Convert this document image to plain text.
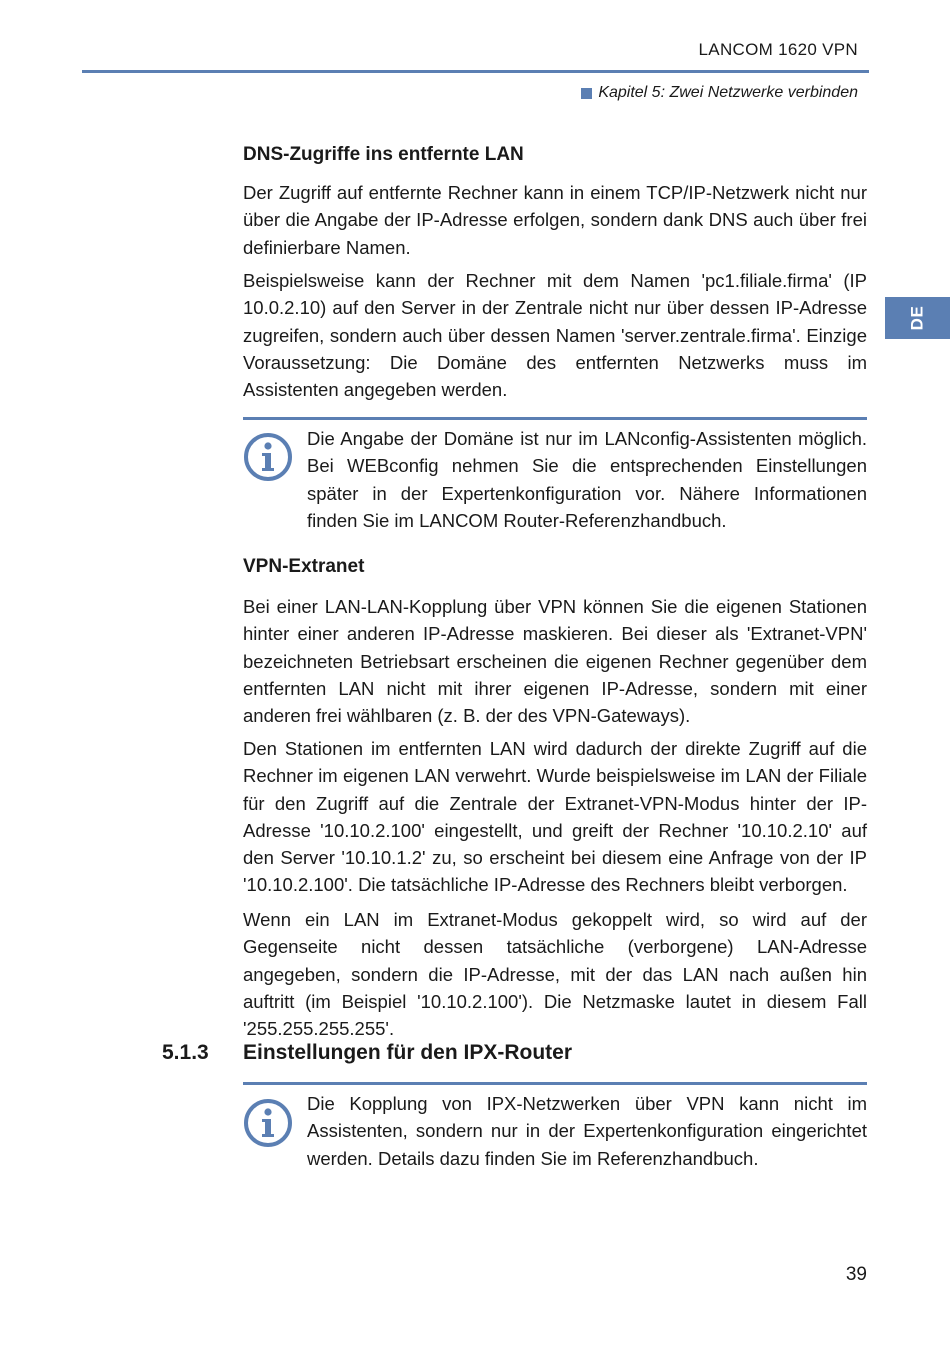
LANCOM 1620 VPN
Kapitel 5: Zwei Netzwerke verbinden
DE
DNS-Zugriffe ins entfernte LAN

Der Zugriff auf entfernte Rechner kann in einem TCP/IP-Netzwerk nicht nur über die Angabe der IP-Adresse erfolgen, sondern dank DNS auch über frei definierbare Namen.

Beispielsweise kann der Rechner mit dem Namen 'pc1.filiale.firma' (IP 10.0.2.10) auf den Server in der Zentrale nicht nur über dessen IP-Adresse zugreifen, sondern auch über dessen Namen 'server.zentrale.firma'. Einzige Voraussetzung: Die Domäne des entfernten Netzwerks muss im Assistenten angegeben werden.

Die Angabe der Domäne ist nur im LANconfig-Assistenten möglich. Bei WEBconfig nehmen Sie die entsprechenden Einstellungen später in der Expertenkonfiguration vor. Nähere Informationen finden Sie im LANCOM Router-Referenzhandbuch.

VPN-Extranet

Bei einer LAN-LAN-Kopplung über VPN können Sie die eigenen Stationen hinter einer anderen IP-Adresse maskieren. Bei dieser als 'Extranet-VPN' bezeichneten Betriebsart erscheinen die eigenen Rechner gegenüber dem entfernten LAN nicht mit ihrer eigenen IP-Adresse, sondern mit einer anderen frei wählbaren (z. B. der des VPN-Gateways).

Den Stationen im entfernten LAN wird dadurch der direkte Zugriff auf die Rechner im eigenen LAN verwehrt. Wurde beispielsweise im LAN der Filiale für den Zugriff auf die Zentrale der Extranet-VPN-Modus hinter der IP-Adresse '10.10.2.100' eingestellt, und greift der Rechner '10.10.2.10' auf den Server '10.10.1.2' zu, so erscheint bei diesem eine Anfrage von der IP '10.10.2.100'. Die tatsächliche IP-Adresse des Rechners bleibt verborgen.

Wenn ein LAN im Extranet-Modus gekoppelt wird, so wird auf der Gegenseite nicht dessen tatsächliche (verborgene) LAN-Adresse angegeben, sondern die IP-Adresse, mit der das LAN nach außen hin auftritt (im Beispiel '10.10.2.100'). Die Netzmaske lautet in diesem Fall '255.255.255.255'.

5.1.3 Einstellungen für den IPX-Router

Die Kopplung von IPX-Netzwerken über VPN kann nicht im Assistenten, sondern nur in der Expertenkonfiguration eingerichtet werden. Details dazu finden Sie im Referenzhandbuch.

39
